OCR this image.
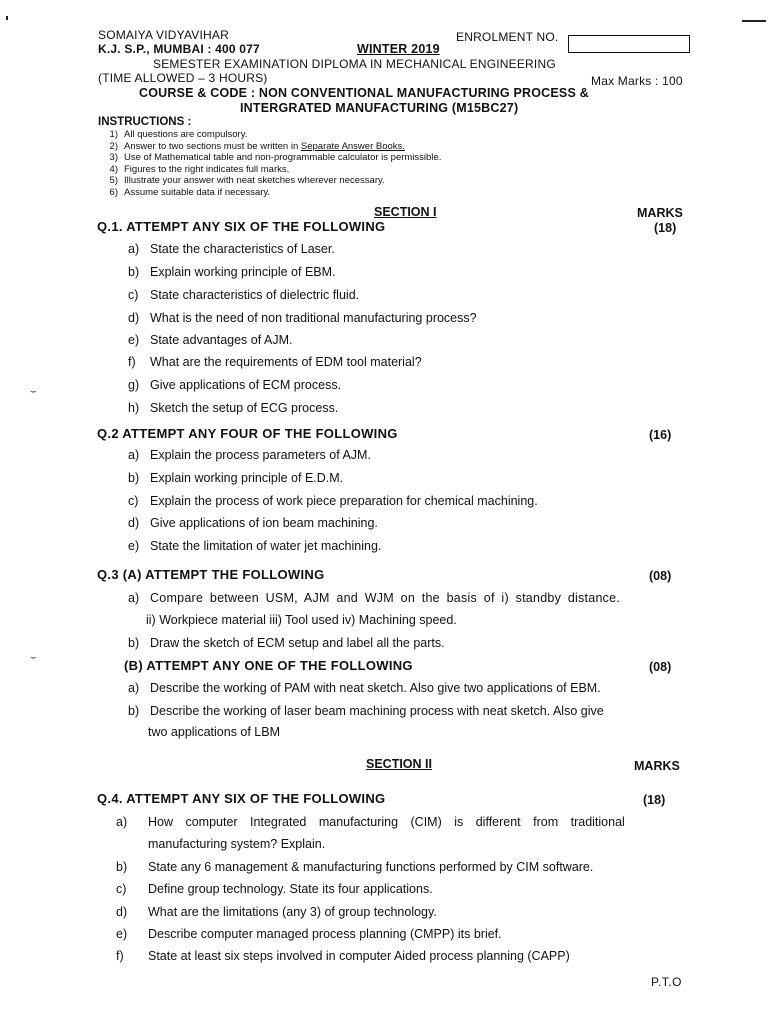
⌣
⌣
SOMAIYA VIDYAVIHAR
K.J. S.P., MUMBAI : 400 077
ENROLMENT NO.
WINTER 2019
SEMESTER EXAMINATION DIPLOMA IN MECHANICAL ENGINEERING
(TIME ALLOWED – 3 HOURS)	Max Marks : 100
COURSE & CODE : NON CONVENTIONAL MANUFACTURING PROCESS &
INTERGRATED MANUFACTURING (M15BC27)
INSTRUCTIONS :
1) All questions are compulsory.
2) Answer to two sections must be written in Separate Answer Books.
3) Use of Mathematical table and non-programmable calculator is permissible.
4) Figures to the right indicates full marks.
5) Illustrate your answer with neat sketches wherever necessary.
6) Assume suitable data if necessary.
SECTION I	MARKS
Q.1. ATTEMPT ANY SIX OF THE FOLLOWING	(18)
a) State the characteristics of Laser.
b) Explain working principle of EBM.
c) State characteristics of dielectric fluid.
d) What is the need of non traditional manufacturing process?
e) State advantages of AJM.
f) What are the requirements of EDM tool material?
g) Give applications of ECM process.
h) Sketch the setup of ECG process.
Q.2 ATTEMPT ANY FOUR OF THE FOLLOWING	(16)
a) Explain the process parameters of AJM.
b) Explain working principle of E.D.M.
c) Explain the process of work piece preparation for chemical machining.
d) Give applications of ion beam machining.
e) State the limitation of water jet machining.
Q.3 (A) ATTEMPT THE FOLLOWING	(08)
a) Compare between USM, AJM and WJM on the basis of i) standby distance.
ii) Workpiece material iii) Tool used iv) Machining speed.
b) Draw the sketch of ECM setup and label all the parts.
(B) ATTEMPT ANY ONE OF THE FOLLOWING	(08)
a) Describe the working of PAM with neat sketch. Also give two applications of EBM.
b) Describe the working of laser beam machining process with neat sketch. Also give
two applications of LBM
SECTION II	MARKS
Q.4. ATTEMPT ANY SIX OF THE FOLLOWING	(18)
a) How computer Integrated manufacturing (CIM) is different from traditional
manufacturing system? Explain.
b) State any 6 management & manufacturing functions performed by CIM software.
c) Define group technology. State its four applications.
d) What are the limitations (any 3) of group technology.
e) Describe computer managed process planning (CMPP) its brief.
f) State at least six steps involved in computer Aided process planning (CAPP)
P.T.O
